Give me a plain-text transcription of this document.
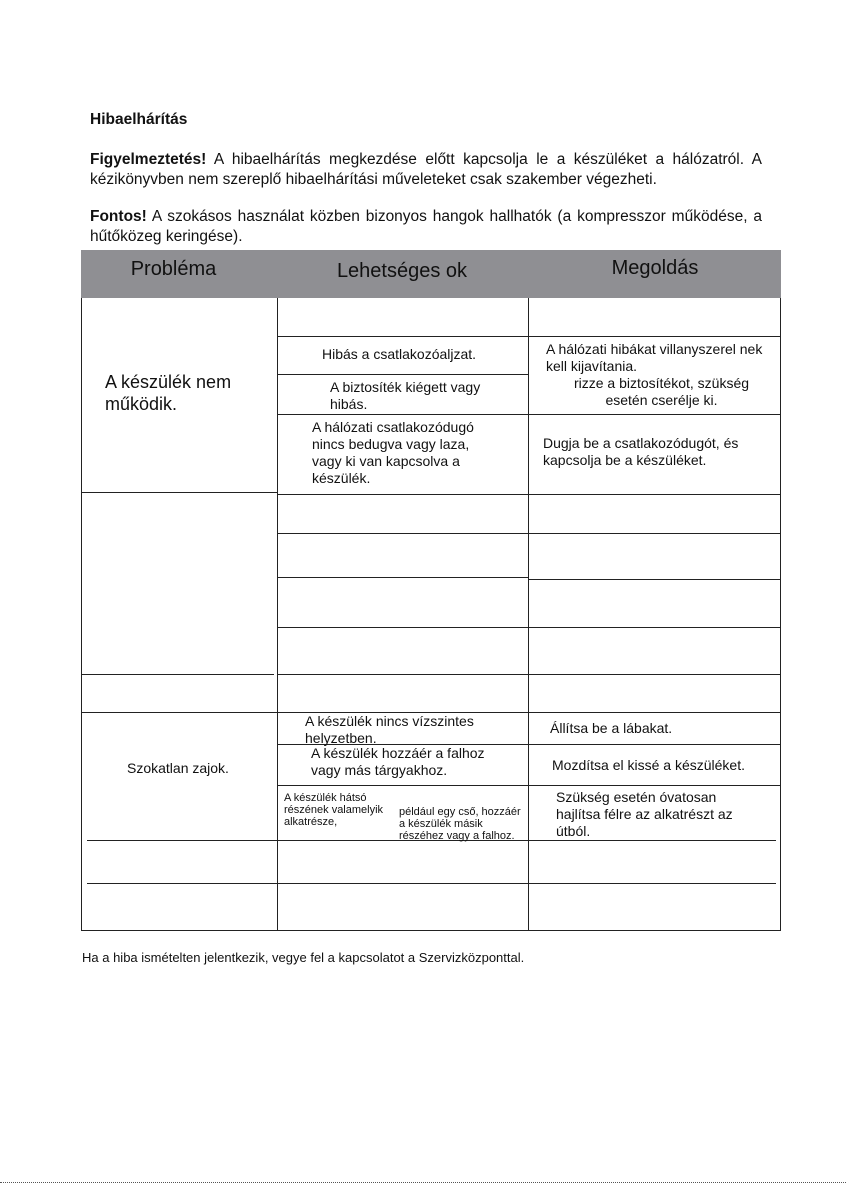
Hibaelhárítás
Figyelmeztetés! A hibaelhárítás megkezdése előtt kapcsolja le a készüléket a hálózatról. A kézikönyvben nem szereplő hibaelhárítási műveleteket csak szakember végezheti.
Fontos! A szokásos használat közben bizonyos hangok hallhatók (a kompresszor működése, a hűtőközeg keringése).
Probléma	Lehetséges ok	Megoldás
A készülék nem működik.
Szokatlan zajok.
Hibás a csatlakozóaljzat.
A biztosíték kiégett vagy hibás.
A hálózati csatlakozódugó nincs bedugva vagy laza, vagy ki van kapcsolva a készülék.
A készülék nincs vízszintes helyzetben.
A készülék hozzáér a falhoz vagy más tárgyakhoz.
A készülék hátsó részének valamelyik alkatrésze,
például egy cső, hozzáér a készülék másik részéhez vagy a falhoz.
A hálózati hibákat villanyszerel nek kell kijavítania.
rizze a biztosítékot, szükség esetén cserélje ki.
Dugja be a csatlakozódugót, és kapcsolja be a készüléket.
Állítsa be a lábakat.
Mozdítsa el kissé a készüléket.
Szükség esetén óvatosan hajlítsa félre az alkatrészt az útból.
Ha a hiba ismételten jelentkezik, vegye fel a kapcsolatot a Szervizközponttal.
